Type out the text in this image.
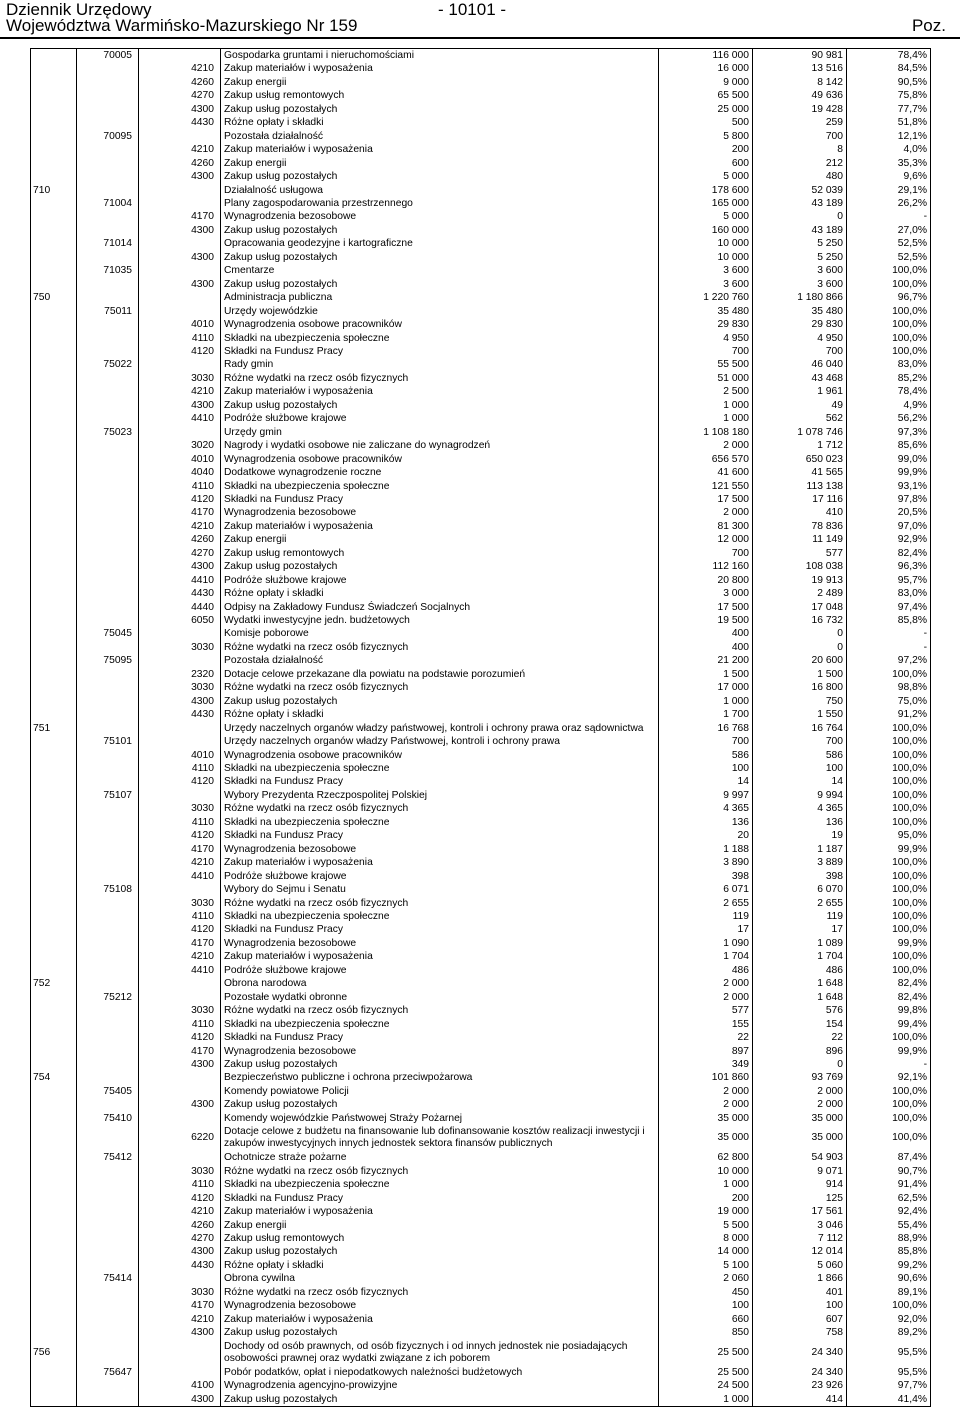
Dziennik Urzędowy
Województwa Warmińsko-Mazurskiego Nr 159
- 10101 -
Poz.
	70005		Gospodarka gruntami i nieruchomościami	116 000	90 981	78,4%
		4210	Zakup materiałów i wyposażenia	16 000	13 516	84,5%
		4260	Zakup energii	9 000	8 142	90,5%
		4270	Zakup usług remontowych	65 500	49 636	75,8%
		4300	Zakup usług pozostałych	25 000	19 428	77,7%
		4430	Różne opłaty i składki	500	259	51,8%
	70095		Pozostała działalność	5 800	700	12,1%
		4210	Zakup materiałów i wyposażenia	200	8	4,0%
		4260	Zakup energii	600	212	35,3%
		4300	Zakup usług pozostałych	5 000	480	9,6%
710			Działalność usługowa	178 600	52 039	29,1%
	71004		Plany zagospodarowania przestrzennego	165 000	43 189	26,2%
		4170	Wynagrodzenia bezosobowe	5 000	0	-
		4300	Zakup usług pozostałych	160 000	43 189	27,0%
	71014		Opracowania geodezyjne i kartograficzne	10 000	5 250	52,5%
		4300	Zakup usług pozostałych	10 000	5 250	52,5%
	71035		Cmentarze	3 600	3 600	100,0%
		4300	Zakup usług pozostałych	3 600	3 600	100,0%
750			Administracja publiczna	1 220 760	1 180 866	96,7%
	75011		Urzędy wojewódzkie	35 480	35 480	100,0%
		4010	Wynagrodzenia osobowe pracowników	29 830	29 830	100,0%
		4110	Składki na ubezpieczenia społeczne	4 950	4 950	100,0%
		4120	Składki na Fundusz Pracy	700	700	100,0%
	75022		Rady gmin	55 500	46 040	83,0%
		3030	Różne wydatki na rzecz osób fizycznych	51 000	43 468	85,2%
		4210	Zakup materiałów i wyposażenia	2 500	1 961	78,4%
		4300	Zakup usług pozostałych	1 000	49	4,9%
		4410	Podróże służbowe krajowe	1 000	562	56,2%
	75023		Urzędy gmin	1 108 180	1 078 746	97,3%
		3020	Nagrody i wydatki osobowe nie zaliczane do wynagrodzeń	2 000	1 712	85,6%
		4010	Wynagrodzenia osobowe pracowników	656 570	650 023	99,0%
		4040	Dodatkowe wynagrodzenie roczne	41 600	41 565	99,9%
		4110	Składki na ubezpieczenia społeczne	121 550	113 138	93,1%
		4120	Składki na Fundusz Pracy	17 500	17 116	97,8%
		4170	Wynagrodzenia bezosobowe	2 000	410	20,5%
		4210	Zakup materiałów i wyposażenia	81 300	78 836	97,0%
		4260	Zakup energii	12 000	11 149	92,9%
		4270	Zakup usług remontowych	700	577	82,4%
		4300	Zakup usług pozostałych	112 160	108 038	96,3%
		4410	Podróże służbowe krajowe	20 800	19 913	95,7%
		4430	Różne opłaty i składki	3 000	2 489	83,0%
		4440	Odpisy na Zakładowy Fundusz Świadczeń Socjalnych	17 500	17 048	97,4%
		6050	Wydatki inwestycyjne jedn. budżetowych	19 500	16 732	85,8%
	75045		Komisje poborowe	400	0	-
		3030	Różne wydatki na rzecz osób fizycznych	400	0	-
	75095		Pozostała działalność	21 200	20 600	97,2%
		2320	Dotacje celowe przekazane dla powiatu na podstawie porozumień	1 500	1 500	100,0%
		3030	Różne wydatki na rzecz osób fizycznych	17 000	16 800	98,8%
		4300	Zakup usług pozostałych	1 000	750	75,0%
		4430	Różne opłaty i składki	1 700	1 550	91,2%
751			Urzędy naczelnych organów władzy państwowej, kontroli i ochrony prawa oraz sądownictwa	16 768	16 764	100,0%
	75101		Urzędy naczelnych organów władzy Państwowej, kontroli i ochrony prawa	700	700	100,0%
		4010	Wynagrodzenia osobowe pracowników	586	586	100,0%
		4110	Składki na ubezpieczenia społeczne	100	100	100,0%
		4120	Składki na Fundusz Pracy	14	14	100,0%
	75107		Wybory Prezydenta Rzeczpospolitej Polskiej	9 997	9 994	100,0%
		3030	Różne wydatki na rzecz osób fizycznych	4 365	4 365	100,0%
		4110	Składki na ubezpieczenia społeczne	136	136	100,0%
		4120	Składki na Fundusz Pracy	20	19	95,0%
		4170	Wynagrodzenia bezosobowe	1 188	1 187	99,9%
		4210	Zakup materiałów i wyposażenia	3 890	3 889	100,0%
		4410	Podróże służbowe krajowe	398	398	100,0%
	75108		Wybory do Sejmu i Senatu	6 071	6 070	100,0%
		3030	Różne wydatki na rzecz osób fizycznych	2 655	2 655	100,0%
		4110	Składki na ubezpieczenia społeczne	119	119	100,0%
		4120	Składki na Fundusz Pracy	17	17	100,0%
		4170	Wynagrodzenia bezosobowe	1 090	1 089	99,9%
		4210	Zakup materiałów i wyposażenia	1 704	1 704	100,0%
		4410	Podróże służbowe krajowe	486	486	100,0%
752			Obrona narodowa	2 000	1 648	82,4%
	75212		Pozostałe wydatki obronne	2 000	1 648	82,4%
		3030	Różne wydatki na rzecz osób fizycznych	577	576	99,8%
		4110	Składki na ubezpieczenia społeczne	155	154	99,4%
		4120	Składki na Fundusz Pracy	22	22	100,0%
		4170	Wynagrodzenia bezosobowe	897	896	99,9%
		4300	Zakup usług pozostałych	349	0	-
754			Bezpieczeństwo publiczne i ochrona przeciwpożarowa	101 860	93 769	92,1%
	75405		Komendy powiatowe Policji	2 000	2 000	100,0%
		4300	Zakup usług pozostałych	2 000	2 000	100,0%
	75410		Komendy wojewódzkie Państwowej Straży Pożarnej	35 000	35 000	100,0%
		6220	Dotacje celowe z budżetu na finansowanie lub dofinansowanie kosztów realizacji inwestycji i zakupów inwestycyjnych innych jednostek sektora finansów publicznych	35 000	35 000	100,0%
	75412		Ochotnicze straże pożarne	62 800	54 903	87,4%
		3030	Różne wydatki na rzecz osób fizycznych	10 000	9 071	90,7%
		4110	Składki na ubezpieczenia społeczne	1 000	914	91,4%
		4120	Składki na Fundusz Pracy	200	125	62,5%
		4210	Zakup materiałów i wyposażenia	19 000	17 561	92,4%
		4260	Zakup energii	5 500	3 046	55,4%
		4270	Zakup usług remontowych	8 000	7 112	88,9%
		4300	Zakup usług pozostałych	14 000	12 014	85,8%
		4430	Różne opłaty i składki	5 100	5 060	99,2%
	75414		Obrona cywilna	2 060	1 866	90,6%
		3030	Różne wydatki na rzecz osób fizycznych	450	401	89,1%
		4170	Wynagrodzenia bezosobowe	100	100	100,0%
		4210	Zakup materiałów i wyposażenia	660	607	92,0%
		4300	Zakup usług pozostałych	850	758	89,2%
756			Dochody od osób prawnych, od osób fizycznych i od innych jednostek nie posiadających osobowości prawnej oraz wydatki związane z ich poborem	25 500	24 340	95,5%
	75647		Pobór podatków, opłat i niepodatkowych należności budżetowych	25 500	24 340	95,5%
		4100	Wynagrodzenia agencyjno-prowizyjne	24 500	23 926	97,7%
		4300	Zakup usług pozostałych	1 000	414	41,4%
